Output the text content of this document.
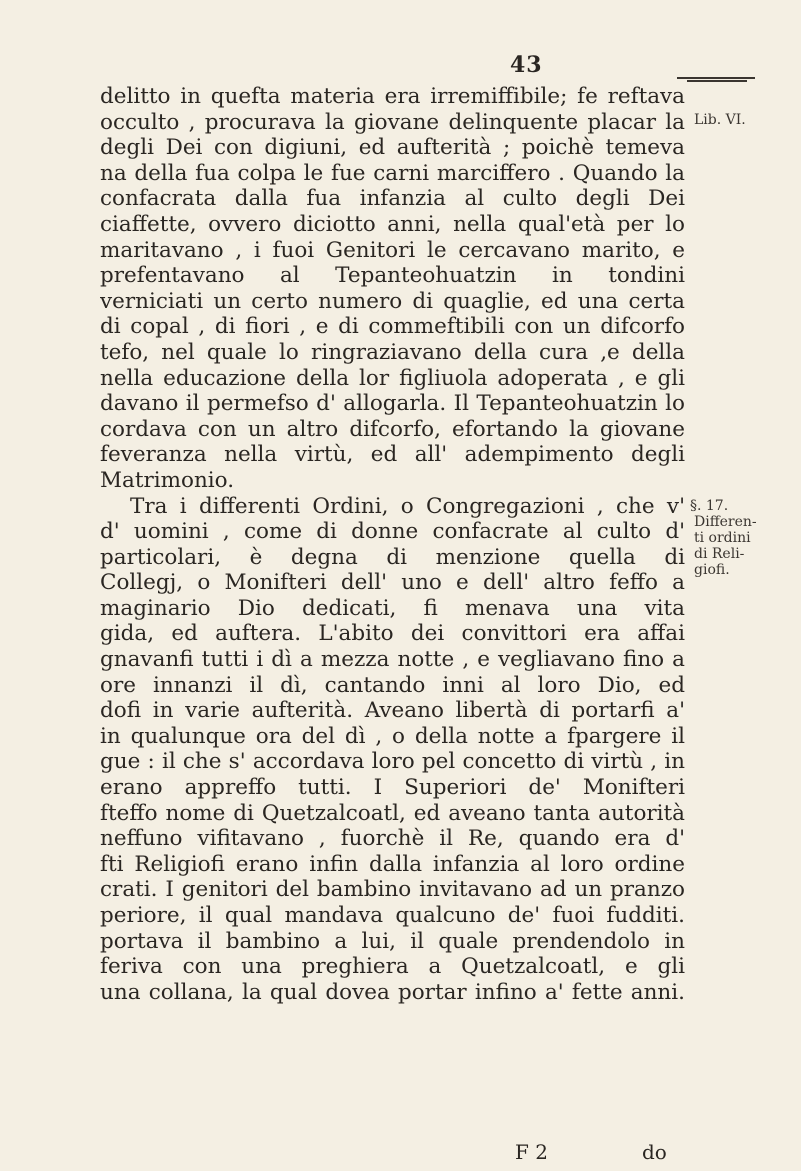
43
delitto in quefta materia era irremiffibile; fe reftava
occulto , procurava la giovane delinquente placar la
degli Dei con digiuni, ed aufterità ; poichè temeva
na della fua colpa le fue carni marciffero . Quando la
confacrata dalla fua infanzia al culto degli Dei
ciaffette, ovvero diciotto anni, nella qual'età per lo
maritavano , i fuoi Genitori le cercavano marito, e
prefentavano al Tepanteohuatzin in tondini
verniciati un certo numero di quaglie, ed una certa
di copal , di fiori , e di commeftibili con un difcorfo
tefo, nel quale lo ringraziavano della cura ,e della
nella educazione della lor figliuola adoperata , e gli
davano il permefso d' allogarla. Il Tepanteohuatzin lo
cordava con un altro difcorfo, efortando la giovane
feveranza nella virtù, ed all' adempimento degli
Matrimonio.
Tra i differenti Ordini, o Congregazioni , che v'
d' uomini , come di donne confacrate al culto d'
particolari, è degna di menzione quella di
Collegj, o Monifteri dell' uno e dell' altro feffo a
maginario Dio dedicati, fi menava una vita
gida, ed auftera. L'abito dei convittori era affai
gnavanfi tutti i dì a mezza notte , e vegliavano fino a
ore innanzi il dì, cantando inni al loro Dio, ed
dofi in varie aufterità. Aveano libertà di portarfi a'
in qualunque ora del dì , o della notte a fpargere il
gue : il che s' accordava loro pel concetto di virtù , in
erano appreffo tutti. I Superiori de' Monifteri
fteffo nome di Quetzalcoatl, ed aveano tanta autorità
neffuno vifitavano , fuorchè il Re, quando era d'
fti Religiofi erano infin dalla infanzia al loro ordine
crati. I genitori del bambino invitavano ad un pranzo
periore, il qual mandava qualcuno de' fuoi fudditi.
portava il bambino a lui, il quale prendendolo in
feriva con una preghiera a Quetzalcoatl, e gli
una collana, la qual dovea portar infino a' fette anni.
Lib. VI.
§. 17.
Differen-
ti ordini
di Reli-
giofi.
F 2	do
